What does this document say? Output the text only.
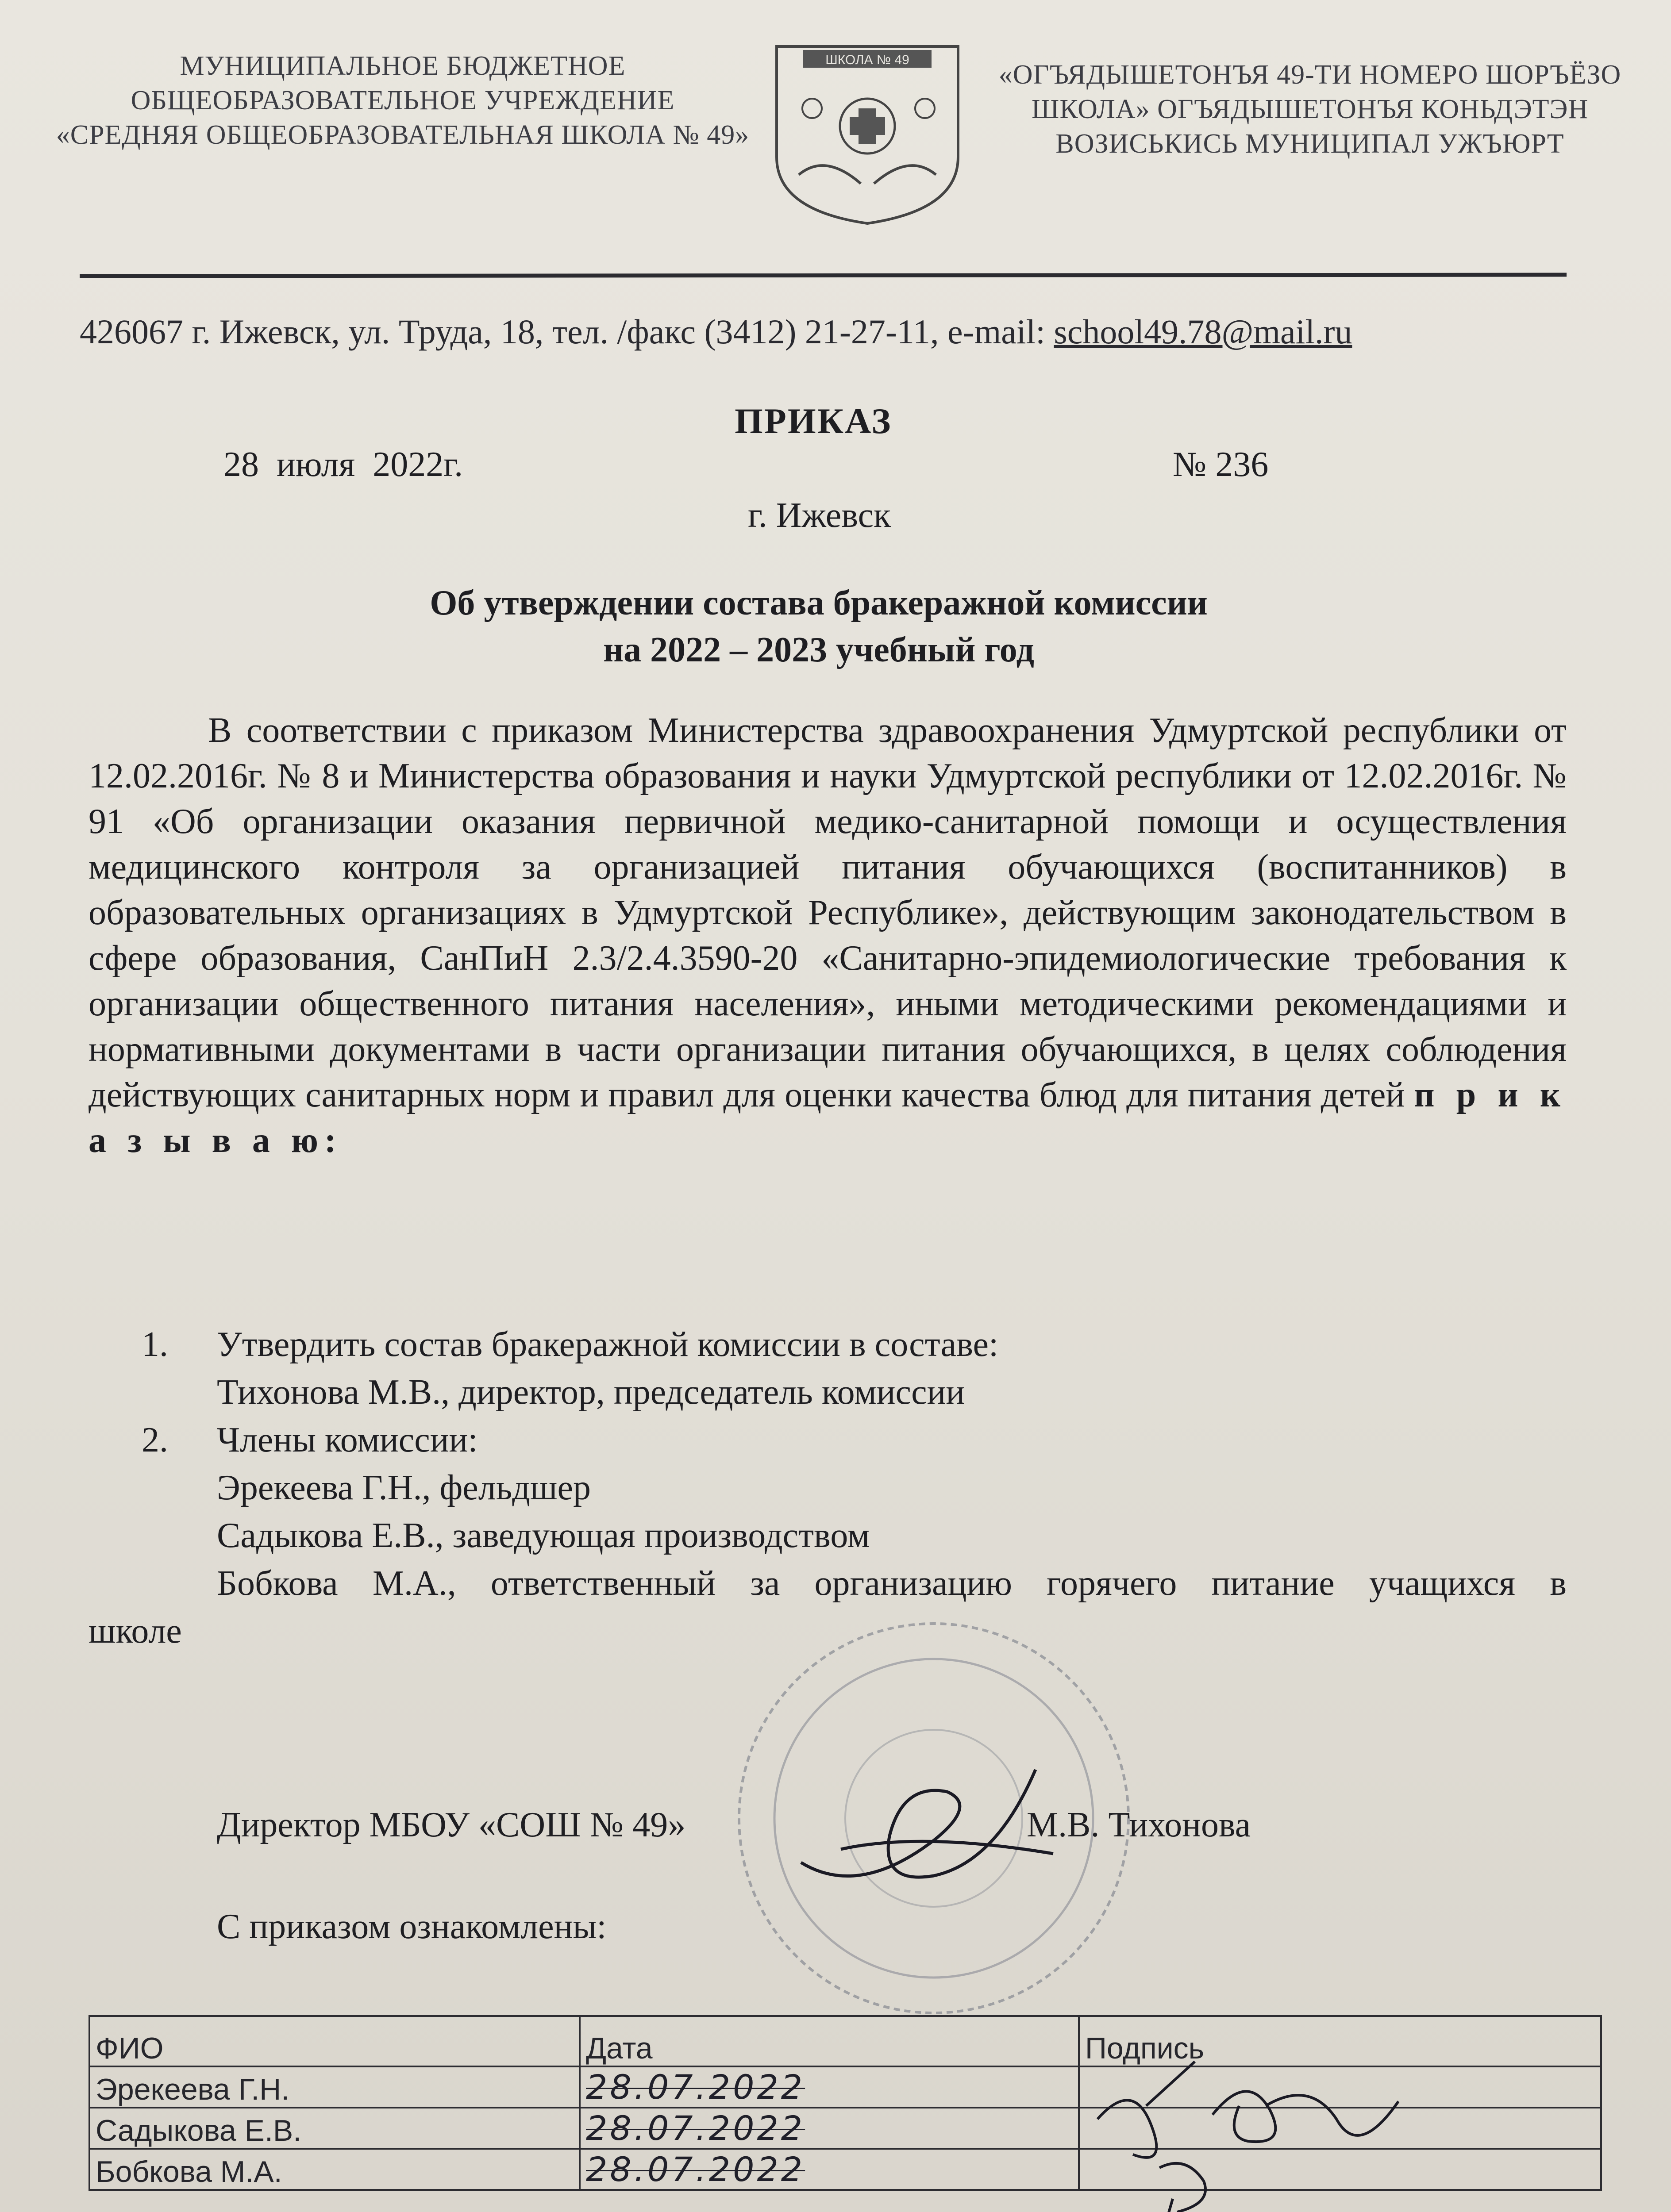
МУНИЦИПАЛЬНОЕ БЮДЖЕТНОЕ
ОБЩЕОБРАЗОВАТЕЛЬНОЕ УЧРЕЖДЕНИЕ
«СРЕДНЯЯ ОБЩЕОБРАЗОВАТЕЛЬНАЯ ШКОЛА № 49»
ШКОЛА № 49	«ОГЪЯДЫШЕТОНЪЯ 49-ТИ НОМЕРО ШОРЪЁЗО
ШКОЛА» ОГЪЯДЫШЕТОНЪЯ КОНЬДЭТЭН
ВОЗИСЬКИСЬ МУНИЦИПАЛ УЖЪЮРТ
426067 г. Ижевск, ул. Труда, 18, тел. /факс (3412) 21-27-11, e-mail: school49.78@mail.ru
ПРИКАЗ
28  июля  2022г.	№ 236
г. Ижевск
Об утверждении состава бракеражной комиссии
на 2022 – 2023 учебный год
В соответствии с приказом Министерства здравоохранения Удмуртской республики от 12.02.2016г. № 8 и Министерства образования и науки Удмуртской республики от 12.02.2016г. № 91 «Об организации оказания первичной медико-санитарной помощи и осуществления медицинского контроля за организацией питания обучающихся (воспитанников) в образовательных организациях в Удмуртской Республике», действующим законодательством в сфере образования, СанПиН 2.3/2.4.3590-20 «Санитарно-эпидемиологические требования к организации общественного питания населения», иными методическими рекомендациями и нормативными документами в части организации питания обучающихся, в целях соблюдения действующих санитарных норм и правил для оценки качества блюд для питания детей п р и к а з ы в а ю:
1. Утвердить состав бракеражной комиссии в составе:
Тихонова М.В., директор, председатель комиссии
2. Члены комиссии:
Эрекеева Г.Н., фельдшер
Садыкова Е.В., заведующая производством
Бобкова М.А., ответственный за организацию горячего питание учащихся в
школе
Директор МБОУ «СОШ № 49»	М.В. Тихонова
С приказом ознакомлены:
ФИО	Дата	Подпись
Эрекеева Г.Н.	28.07.2022	
Садыкова Е.В.	28.07.2022	
Бобкова М.А.	28.07.2022	
